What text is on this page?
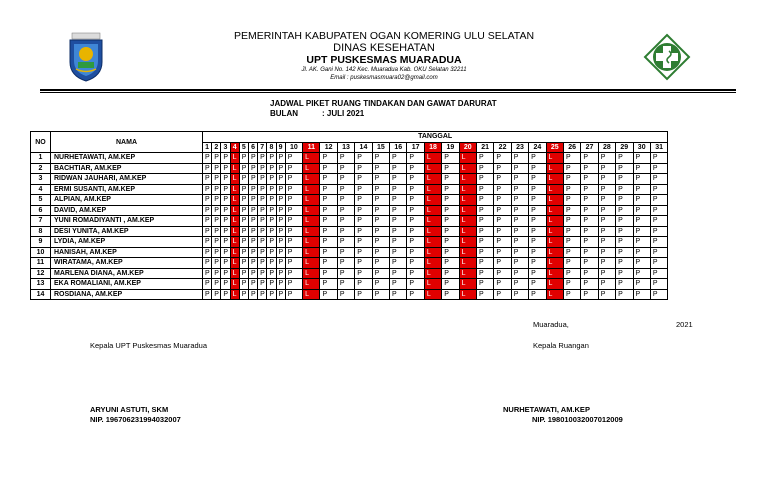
PEMERINTAH KABUPATEN OGAN KOMERING ULU SELATAN
DINAS KESEHATAN
UPT PUSKESMAS MUARADUA
Jl. AK. Gani No. 142 Kec. Muaradua Kab. OKU Selatan 32211
Email : puskesmasmuara02@gmail.com
JADWAL PIKET RUANG TINDAKAN DAN GAWAT DARURAT
BULAN	: JULI 2021
NO	NAMA	TANGGAL																														
		1	2	3	4	5	6	7	8	9	10	11	12	13	14	15	16	17	18	19	20	21	22	23	24	25	26	27	28	29	30	31
1	NURHETAWATI, AM.KEP	P	P	P	L	P	P	P	P	P	P	L	P	P	P	P	P	P	L	P	L	P	P	P	P	L	P	P	P	P	P	P
2	BACHTIAR, AM.KEP	P	P	P	L	P	P	P	P	P	P	L	P	P	P	P	P	P	L	P	L	P	P	P	P	L	P	P	P	P	P	P
3	RIDWAN JAUHARI, AM.KEP	P	P	P	L	P	P	P	P	P	P	L	P	P	P	P	P	P	L	P	L	P	P	P	P	L	P	P	P	P	P	P
4	ERMI SUSANTI, AM.KEP	P	P	P	L	P	P	P	P	P	P	L	P	P	P	P	P	P	L	P	L	P	P	P	P	L	P	P	P	P	P	P
5	ALPIAN, AM.KEP	P	P	P	L	P	P	P	P	P	P	L	P	P	P	P	P	P	L	P	L	P	P	P	P	L	P	P	P	P	P	P
6	DAVID, AM.KEP	P	P	P	L	P	P	P	P	P	P	L	P	P	P	P	P	P	L	P	L	P	P	P	P	L	P	P	P	P	P	P
7	YUNI ROMADIYANTI , AM.KEP	P	P	P	L	P	P	P	P	P	P	L	P	P	P	P	P	P	L	P	L	P	P	P	P	L	P	P	P	P	P	P
8	DESI YUNITA, AM.KEP	P	P	P	L	P	P	P	P	P	P	L	P	P	P	P	P	P	L	P	L	P	P	P	P	L	P	P	P	P	P	P
9	LYDIA, AM.KEP	P	P	P	L	P	P	P	P	P	P	L	P	P	P	P	P	P	L	P	L	P	P	P	P	L	P	P	P	P	P	P
10	HANISAH, AM.KEP	P	P	P	L	P	P	P	P	P	P	L	P	P	P	P	P	P	L	P	L	P	P	P	P	L	P	P	P	P	P	P
11	WIRATAMA, AM.KEP	P	P	P	L	P	P	P	P	P	P	L	P	P	P	P	P	P	L	P	L	P	P	P	P	L	P	P	P	P	P	P
12	MARLENA DIANA, AM.KEP	P	P	P	L	P	P	P	P	P	P	L	P	P	P	P	P	P	L	P	L	P	P	P	P	L	P	P	P	P	P	P
13	EKA ROMALIANI, AM.KEP	P	P	P	L	P	P	P	P	P	P	L	P	P	P	P	P	P	L	P	L	P	P	P	P	L	P	P	P	P	P	P
14	ROSDIANA, AM.KEP	P	P	P	L	P	P	P	P	P	P	L	P	P	P	P	P	P	L	P	L	P	P	P	P	L	P	P	P	P	P	P
Muaradua,	2021
Kepala UPT Puskesmas Muaradua	Kepala Ruangan
ARYUNI ASTUTI, SKM
NIP. 196706231994032007
NURHETAWATI, AM.KEP
NIP. 198010032007012009
